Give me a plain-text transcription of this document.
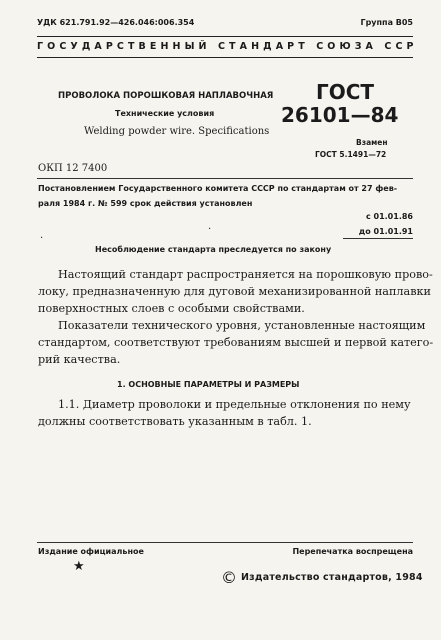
УДК 621.791.92—426.046:006.354	Группа В05
ГОСУДАРСТВЕННЫЙ СТАНДАРТ СОЮЗА ССР
ПРОВОЛОКА ПОРОШКОВАЯ НАПЛАВОЧНАЯ
Технические условия
Welding powder wire. Specifications
ГОСТ
26101—84
Взамен
ГОСТ 5.1491—72
ОКП 12 7400
Постановлением Государственного комитета СССР по стандартам от 27 фев-
раля 1984 г. № 599 срок действия установлен
с 01.01.86
.
.	до 01.01.91
Несоблюдение стандарта преследуется по закону
Настоящий стандарт распространяется на порошковую прово-
локу, предназначенную для дуговой механизированной наплавки
поверхностных слоев с особыми свойствами.
Показатели технического уровня, установленные настоящим
стандартом, соответствуют требованиям высшей и первой катего-
рий качества.
1. ОСНОВНЫЕ ПАРАМЕТРЫ И РАЗМЕРЫ
1.1. Диаметр проволоки и предельные отклонения по нему
должны соответствовать указанным в табл. 1.
Издание официальное	Перепечатка воспрещена
★
© Издательство стандартов, 1984
